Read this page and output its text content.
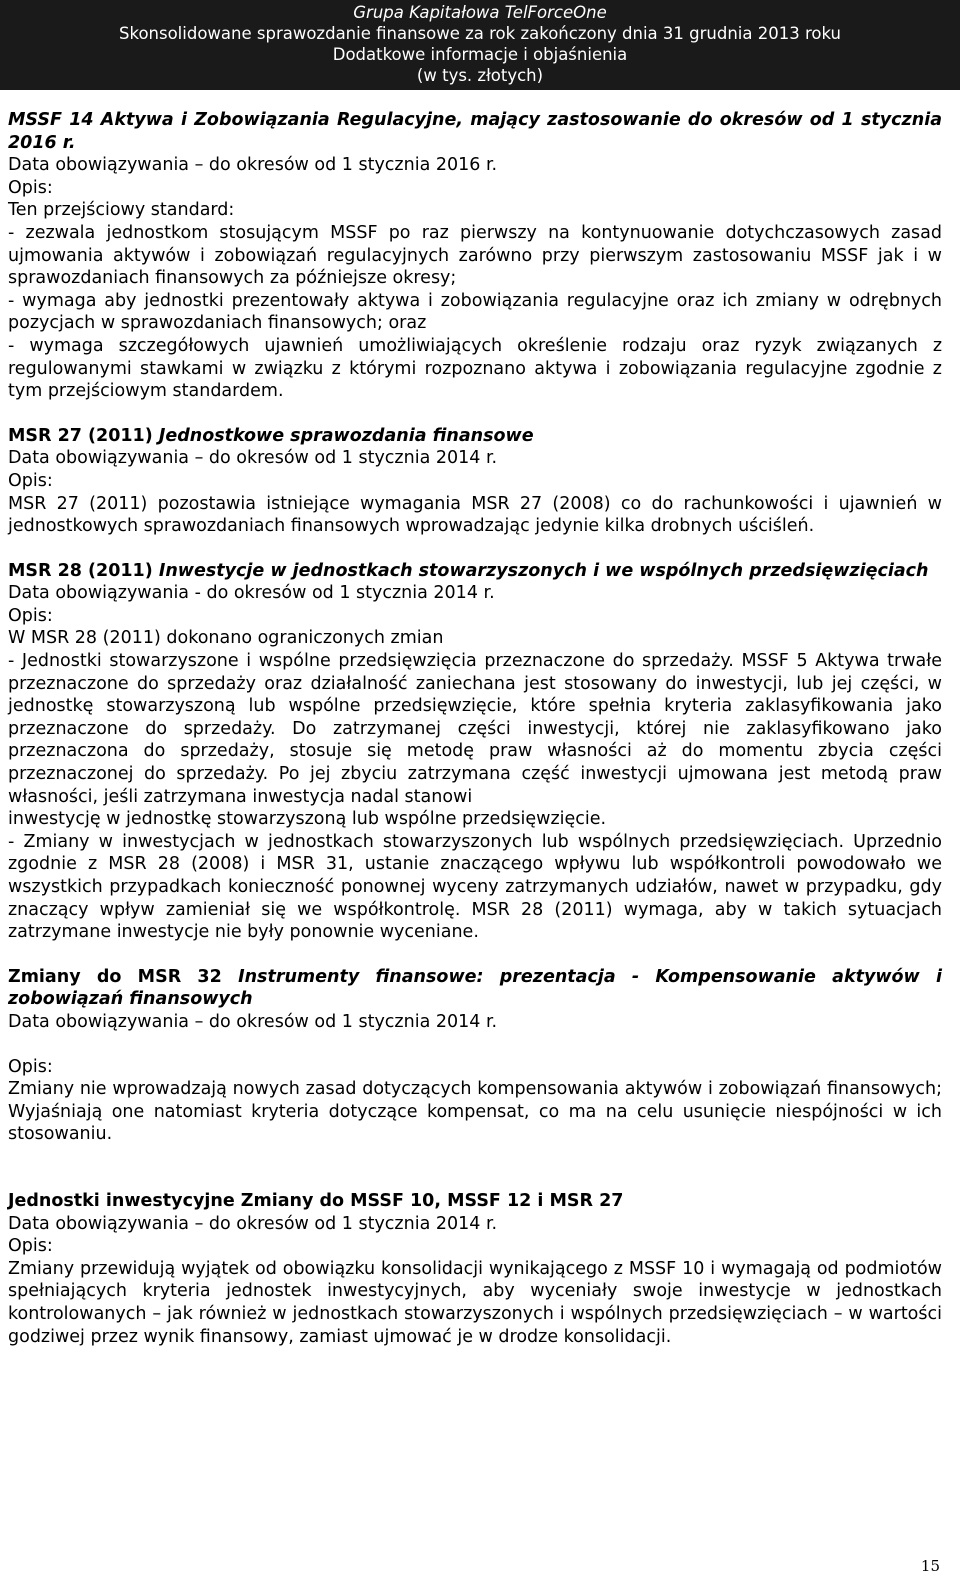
Grupa Kapitałowa TelForceOne
Skonsolidowane sprawozdanie finansowe za rok zakończony dnia 31 grudnia 2013 roku
Dodatkowe informacje i objaśnienia
(w tys. złotych)

MSSF 14 Aktywa i Zobowiązania Regulacyjne, mający zastosowanie do okresów od 1 stycznia 2016 r.

Data obowiązywania – do okresów od 1 stycznia 2016 r.

Opis:

Ten przejściowy standard:

- zezwala jednostkom stosującym MSSF po raz pierwszy na kontynuowanie dotychczasowych zasad ujmowania aktywów i zobowiązań regulacyjnych zarówno przy pierwszym zastosowaniu MSSF jak i w sprawozdaniach finansowych za późniejsze okresy;

- wymaga aby jednostki prezentowały aktywa i zobowiązania regulacyjne oraz ich zmiany w odrębnych pozycjach w sprawozdaniach finansowych; oraz

- wymaga szczegółowych ujawnień umożliwiających określenie rodzaju oraz ryzyk związanych z regulowanymi stawkami w związku z którymi rozpoznano aktywa i zobowiązania regulacyjne zgodnie z tym przejściowym standardem.

MSR 27 (2011) Jednostkowe sprawozdania finansowe

Data obowiązywania – do okresów od 1 stycznia 2014 r.

Opis:

MSR 27 (2011) pozostawia istniejące wymagania MSR 27 (2008) co do rachunkowości i ujawnień w jednostkowych sprawozdaniach finansowych wprowadzając jedynie kilka drobnych uściśleń.

MSR 28 (2011) Inwestycje w jednostkach stowarzyszonych i we wspólnych przedsięwzięciach

Data obowiązywania - do okresów od 1 stycznia 2014 r.

Opis:

W MSR 28 (2011) dokonano ograniczonych zmian

- Jednostki stowarzyszone i wspólne przedsięwzięcia przeznaczone do sprzedaży. MSSF 5 Aktywa trwałe przeznaczone do sprzedaży oraz działalność zaniechana jest stosowany do inwestycji, lub jej części, w jednostkę stowarzyszoną lub wspólne przedsięwzięcie, które spełnia kryteria zaklasyfikowania jako przeznaczone do sprzedaży. Do zatrzymanej części inwestycji, której nie zaklasyfikowano jako przeznaczona do sprzedaży, stosuje się metodę praw własności aż do momentu zbycia części przeznaczonej do sprzedaży. Po jej zbyciu zatrzymana część inwestycji ujmowana jest metodą praw własności, jeśli zatrzymana inwestycja nadal stanowi

inwestycję w jednostkę stowarzyszoną lub wspólne przedsięwzięcie.

- Zmiany w inwestycjach w jednostkach stowarzyszonych lub wspólnych przedsięwzięciach. Uprzednio zgodnie z MSR 28 (2008) i MSR 31, ustanie znaczącego wpływu lub współkontroli powodowało we wszystkich przypadkach konieczność ponownej wyceny zatrzymanych udziałów, nawet w przypadku, gdy znaczący wpływ zamieniał się we współkontrolę. MSR 28 (2011) wymaga, aby w takich sytuacjach zatrzymane inwestycje nie były ponownie wyceniane.

Zmiany do MSR 32 Instrumenty finansowe: prezentacja - Kompensowanie aktywów i zobowiązań finansowych

Data obowiązywania – do okresów od 1 stycznia 2014 r.

Opis:

Zmiany nie wprowadzają nowych zasad dotyczących kompensowania aktywów i zobowiązań finansowych; Wyjaśniają one natomiast kryteria dotyczące kompensat, co ma na celu usunięcie niespójności w ich stosowaniu.

Jednostki inwestycyjne Zmiany do MSSF 10, MSSF 12 i MSR 27

Data obowiązywania – do okresów od 1 stycznia 2014 r.

Opis:

Zmiany przewidują wyjątek od obowiązku konsolidacji wynikającego z MSSF 10 i wymagają od podmiotów spełniających kryteria jednostek inwestycyjnych, aby wyceniały swoje inwestycje w jednostkach kontrolowanych – jak również w jednostkach stowarzyszonych i wspólnych przedsięwzięciach – w wartości godziwej przez wynik finansowy, zamiast ujmować je w drodze konsolidacji.

15
